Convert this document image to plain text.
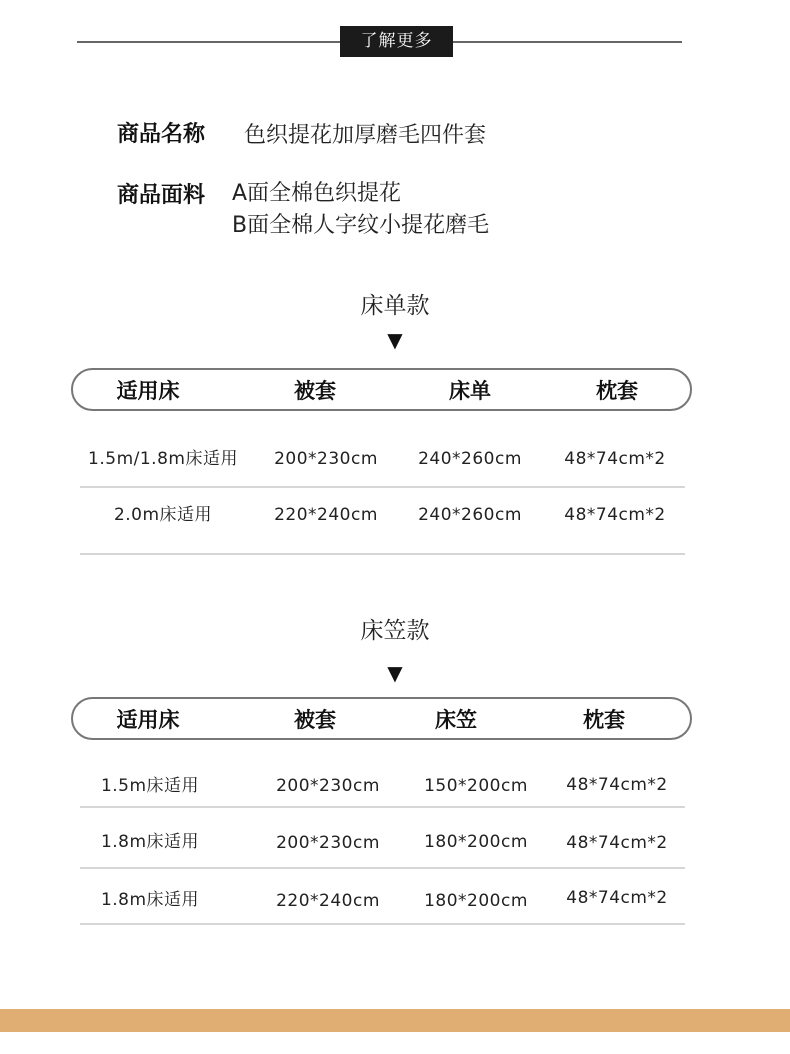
了解更多
商品名称 色织提花加厚磨毛四件套
商品面料 A面全棉色织提花
B面全棉人字纹小提花磨毛
床单款
▼
适用床	被套	床单	枕套
1.5m/1.8m床适用	200*230cm	240*260cm	48*74cm*2
2.0m床适用	220*240cm	240*260cm	48*74cm*2
床笠款
▼
适用床	被套	床笠	枕套
1.5m床适用	200*230cm	150*200cm	48*74cm*2
1.8m床适用	200*230cm	180*200cm	48*74cm*2
1.8m床适用	220*240cm	180*200cm	48*74cm*2
